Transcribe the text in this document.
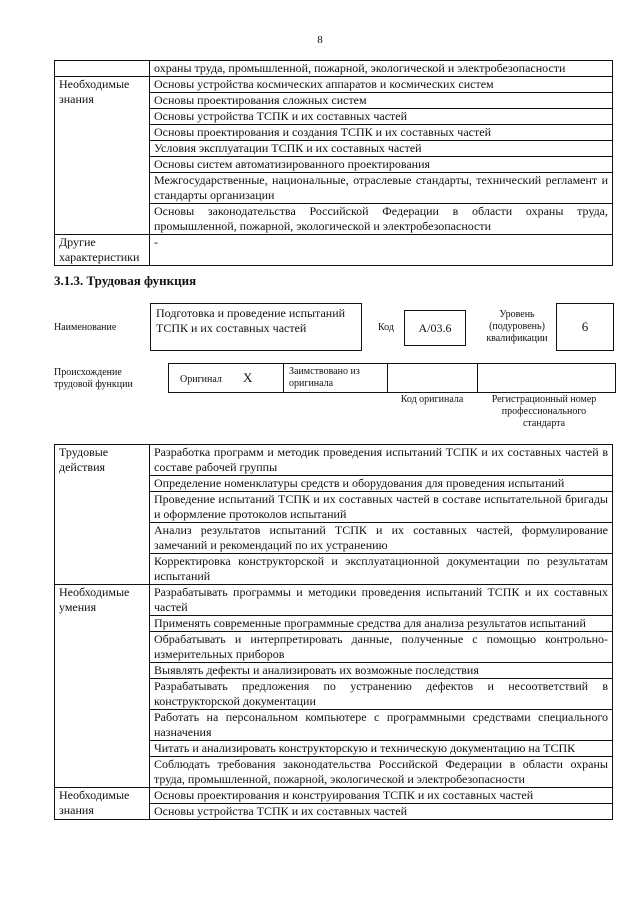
8
	охраны труда, промышленной, пожарной, экологической и электробезопасности
Необходимые знания	Основы устройства космических аппаратов и космических систем
	Основы проектирования сложных систем
	Основы устройства ТСПК и их составных частей
	Основы проектирования и создания ТСПК и их составных частей
	Условия эксплуатации ТСПК и их составных частей
	Основы систем автоматизированного проектирования
	Межгосударственные, национальные, отраслевые стандарты, технический регламент и стандарты организации
	Основы законодательства Российской Федерации в области охраны труда, промышленной, пожарной, экологической и электробезопасности
Другие характеристики	-
3.1.3. Трудовая функция
Наименование
Подготовка и проведение испытаний ТСПК и их составных частей	Код	А/03.6
Уровень (подуровень) квалификации
6
Происхождение трудовой функции	Оригинал X	Заимствовано из оригинала
Код оригинала	Регистрационный номер профессионального стандарта
Трудовые действия	Разработка программ и методик проведения испытаний ТСПК и их составных частей в составе рабочей группы
	Определение номенклатуры средств и оборудования для проведения испытаний
	Проведение испытаний ТСПК и их составных частей в составе испытательной бригады и оформление протоколов испытаний
	Анализ результатов испытаний ТСПК и их составных частей, формулирование замечаний и рекомендаций по их устранению
	Корректировка конструкторской и эксплуатационной документации по результатам испытаний
Необходимые умения	Разрабатывать программы и методики проведения испытаний ТСПК и их составных частей
	Применять современные программные средства для анализа результатов испытаний
	Обрабатывать и интерпретировать данные, полученные с помощью контрольно-измерительных приборов
	Выявлять дефекты и анализировать их возможные последствия
	Разрабатывать предложения по устранению дефектов и несоответствий в конструкторской документации
	Работать на персональном компьютере с программными средствами специального назначения
	Читать и анализировать конструкторскую и техническую документацию на ТСПК
	Соблюдать требования законодательства Российской Федерации в области охраны труда, промышленной, пожарной, экологической и электробезопасности
Необходимые знания	Основы проектирования и конструирования ТСПК и их составных частей
	Основы устройства ТСПК и их составных частей
